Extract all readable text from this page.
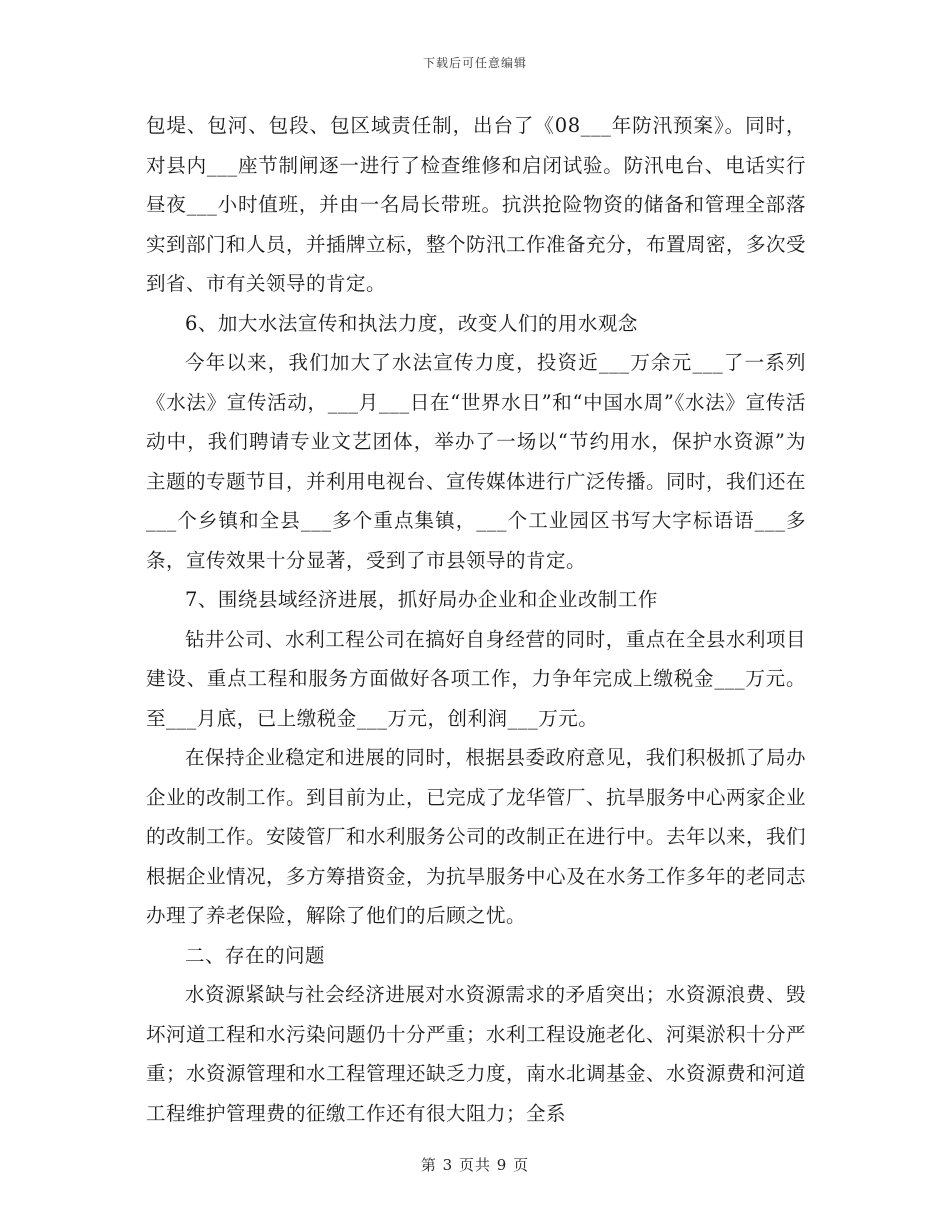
下载后可任意编辑

包堤、包河、包段、包区域责任制，出台了《08___年防汛预案》。同时，对县内___座节制闸逐一进行了检查维修和启闭试验。防汛电台、电话实行昼夜___小时值班，并由一名局长带班。抗洪抢险物资的储备和管理全部落实到部门和人员，并插牌立标，整个防汛工作准备充分，布置周密，多次受到省、市有关领导的肯定。

6、加大水法宣传和执法力度，改变人们的用水观念

今年以来，我们加大了水法宣传力度，投资近___万余元___了一系列《水法》宣传活动，___月___日在“世界水日”和“中国水周”《水法》宣传活动中，我们聘请专业文艺团体，举办了一场以“节约用水，保护水资源”为主题的专题节目，并利用电视台、宣传媒体进行广泛传播。同时，我们还在___个乡镇和全县___多个重点集镇，___个工业园区书写大字标语语___多条，宣传效果十分显著，受到了市县领导的肯定。

7、围绕县域经济进展，抓好局办企业和企业改制工作

钻井公司、水利工程公司在搞好自身经营的同时，重点在全县水利项目建设、重点工程和服务方面做好各项工作，力争年完成上缴税金___万元。至___月底，已上缴税金___万元，创利润___万元。

在保持企业稳定和进展的同时，根据县委政府意见，我们积极抓了局办企业的改制工作。到目前为止，已完成了龙华管厂、抗旱服务中心两家企业的改制工作。安陵管厂和水利服务公司的改制正在进行中。去年以来，我们根据企业情况，多方筹措资金，为抗旱服务中心及在水务工作多年的老同志办理了养老保险，解除了他们的后顾之忧。

二、存在的问题

水资源紧缺与社会经济进展对水资源需求的矛盾突出；水资源浪费、毁坏河道工程和水污染问题仍十分严重；水利工程设施老化、河渠淤积十分严重；水资源管理和水工程管理还缺乏力度，南水北调基金、水资源费和河道工程维护管理费的征缴工作还有很大阻力；全系

第 3 页共 9 页
